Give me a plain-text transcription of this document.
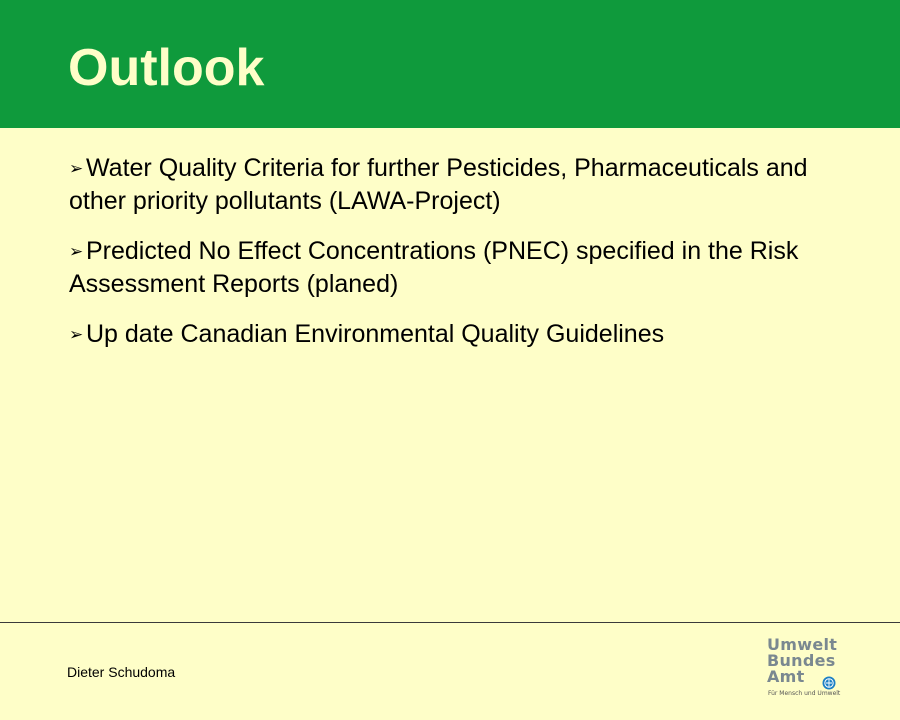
Outlook
➢ Water Quality Criteria for further Pesticides, Pharmaceuticals and other priority pollutants (LAWA-Project)
➢ Predicted No Effect Concentrations (PNEC) specified in the Risk Assessment Reports (planed)
➢ Up date Canadian Environmental Quality Guidelines
Dieter Schudoma
Umwelt
Bundes
Amt
Für Mensch und Umwelt
